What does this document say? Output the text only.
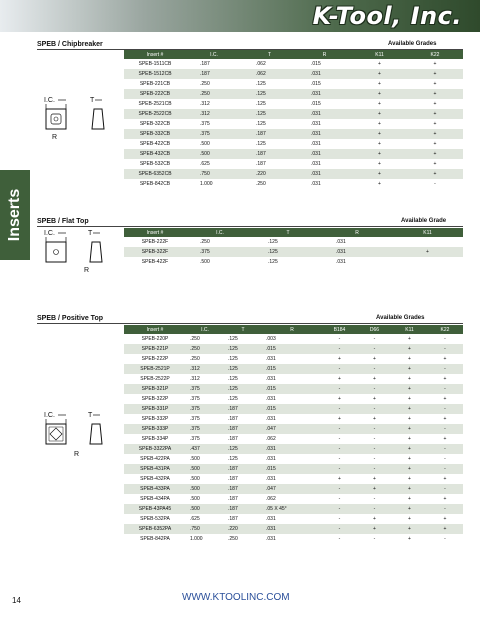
K-Tool, Inc.
Inserts
SPEB / Chipbreaker	Available Grades
Insert #	I.C.	T	R	K11	K22
SPEB-1511CB	.187	.062	.015	+	+
SPEB-1512CB	.187	.062	.031	+	+
SPEB-221CB	.250	.125	.015	+	+
SPEB-222CB	.250	.125	.031	+	+
SPEB-2521CB	.312	.125	.015	+	+
SPEB-2522CB	.312	.125	.031	+	+
SPEB-322CB	.375	.125	.031	+	+
SPEB-332CB	.375	.187	.031	+	+
SPEB-422CB	.500	.125	.031	+	+
SPEB-432CB	.500	.187	.031	+	+
SPEB-532CB	.625	.187	.031	+	+
SPEB-6352CB	.750	.220	.031	+	+
SPEB-842CB	1.000	.250	.031	+	-
I.C.
R
T
SPEB / Flat Top	Available Grade
Insert #	I.C.	T	R	K11
SPEB-222F	.250	.125	.031	
SPEB-322F	.375	.125	.031	+
SPEB-422F	.500	.125	.031	
I.C.
R
T
SPEB / Positive Top	Available Grades
Insert #	I.C.	T	R	B184	D66	K11	K22
SPEB-220P	.250	.125	.003	-	-	+	-
SPEB-221P	.250	.125	.015	-	-	+	-
SPEB-222P	.250	.125	.031	+	+	+	+
SPEB-2521P	.312	.125	.015	-	-	+	-
SPEB-2522P	.312	.125	.031	+	+	+	+
SPEB-321P	.375	.125	.015	-	-	+	-
SPEB-322P	.375	.125	.031	+	+	+	+
SPEB-331P	.375	.187	.015	-	-	+	-
SPEB-332P	.375	.187	.031	+	+	+	+
SPEB-333P	.375	.187	.047	-	-	+	-
SPEB-334P	.375	.187	.062	-	-	+	+
SPEB-3322PA	.437	.125	.031	-	-	+	-
SPEB-422PA	.500	.125	.031	-	-	+	-
SPEB-431PA	.500	.187	.015	-	-	+	-
SPEB-432PA	.500	.187	.031	+	+	+	+
SPEB-433PA	.500	.187	.047	-	+	+	-
SPEB-434PA	.500	.187	.062	-	-	+	+
SPEB-43PA45	.500	.187	.05 X 45°	-	-	+	-
SPEB-532PA	.625	.187	.031	-	+	+	+
SPEB-6352PA	.750	.220	.031	-	+	+	+
SPEB-842PA	1.000	.250	.031	-	-	+	-
I.C.
R
T
14	WWW.KTOOLINC.COM
